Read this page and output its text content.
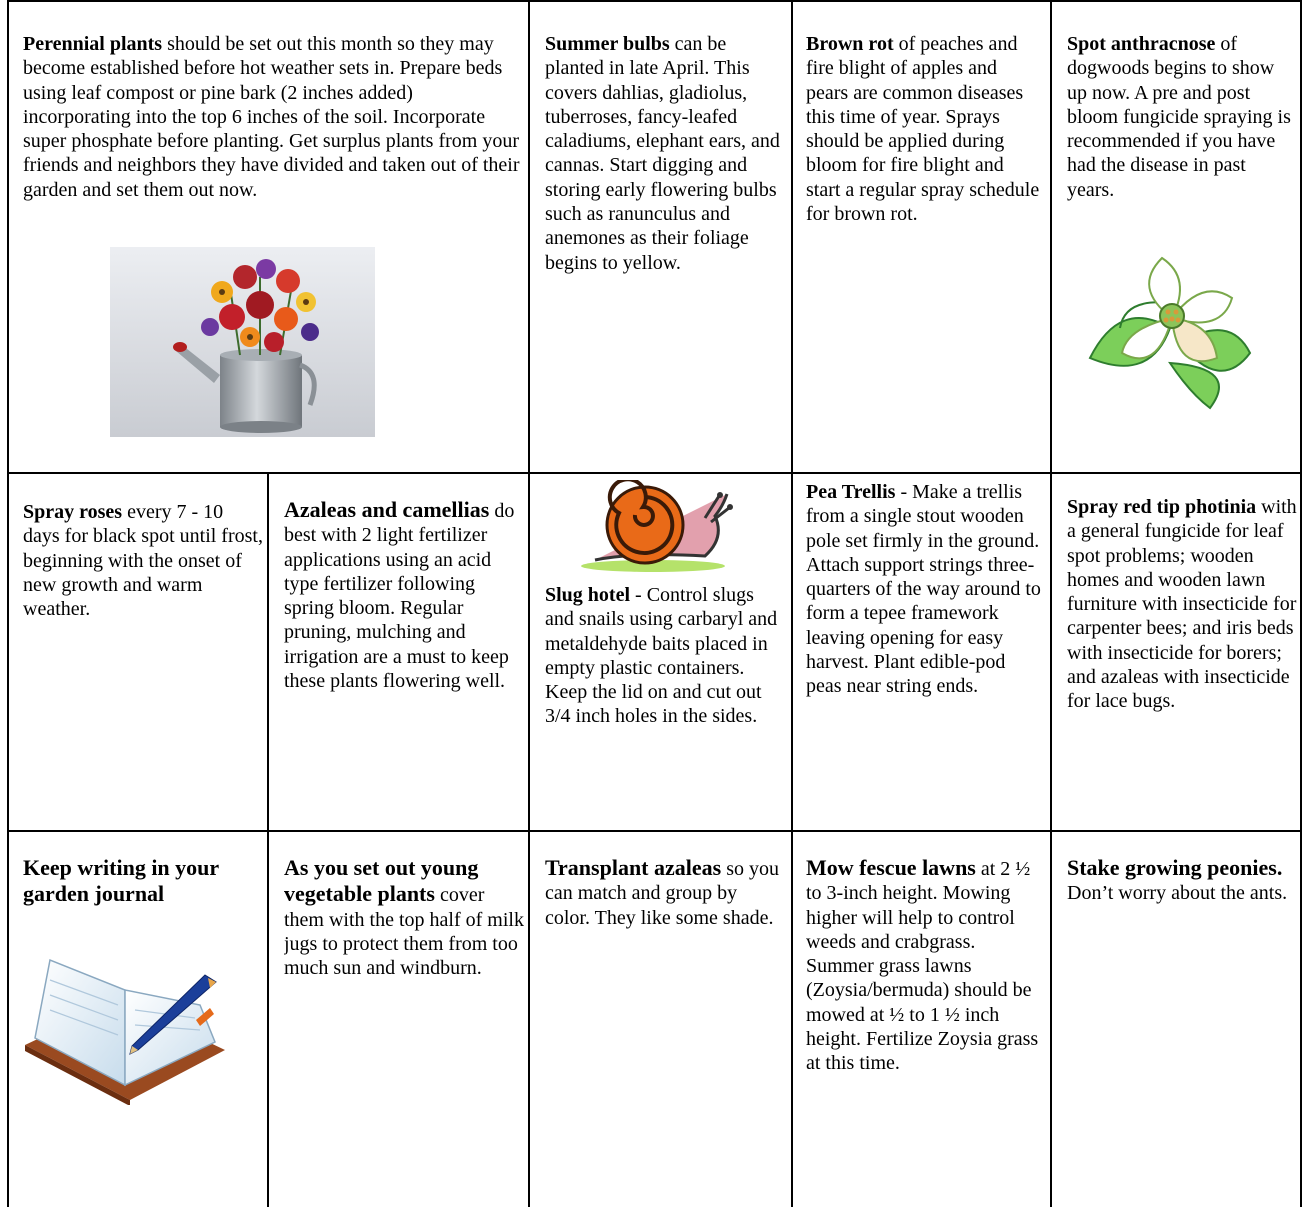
Perennial plants should be set out this month so they may become established before hot weather sets in. Prepare beds using leaf compost or pine bark (2 inches added) incorporating into the top 6 inches of the soil. Incorporate super phosphate before planting. Get surplus plants from your friends and neighbors they have divided and taken out of their garden and set them out now.
Summer bulbs can be planted in late April. This covers dahlias, gladiolus, tuberroses, fancy-leafed caladiums, elephant ears, and cannas. Start digging and storing early flowering bulbs such as ranunculus and anemones as their foliage begins to yellow.
Brown rot of peaches and fire blight of apples and pears are common diseases this time of year. Sprays should be applied during bloom for fire blight and start a regular spray schedule for brown rot.
Spot anthracnose of dogwoods begins to show up now. A pre and post bloom fungicide spraying is recommended if you have had the disease in past years.
Spray roses every 7 - 10 days for black spot until frost, beginning with the onset of new growth and warm weather.
Azaleas and camellias do best with 2 light fertilizer applications using an acid type fertilizer following spring bloom. Regular pruning, mulching and irrigation are a must to keep these plants flowering well.
Slug hotel - Control slugs and snails using carbaryl and metaldehyde baits placed in empty plastic containers. Keep the lid on and cut out 3/4 inch holes in the sides.
Pea Trellis - Make a trellis from a single stout wooden pole set firmly in the ground. Attach support strings three-quarters of the way around to form a tepee framework leaving opening for easy harvest. Plant edible-pod peas near string ends.
Spray red tip photinia with a general fungicide for leaf spot problems; wooden homes and wooden lawn furniture with insecticide for carpenter bees; and iris beds with insecticide for borers; and azaleas with insecticide for lace bugs.
Keep writing in your garden journal
As you set out young vegetable plants cover them with the top half of milk jugs to protect them from too much sun and windburn.
Transplant azaleas so you can match and group by color. They like some shade.
Mow fescue lawns at 2 ½ to 3-inch height. Mowing higher will help to control weeds and crabgrass. Summer grass lawns (Zoysia/bermuda) should be mowed at ½ to 1 ½ inch height. Fertilize Zoysia grass at this time.
Stake growing peonies. Don’t worry about the ants.
